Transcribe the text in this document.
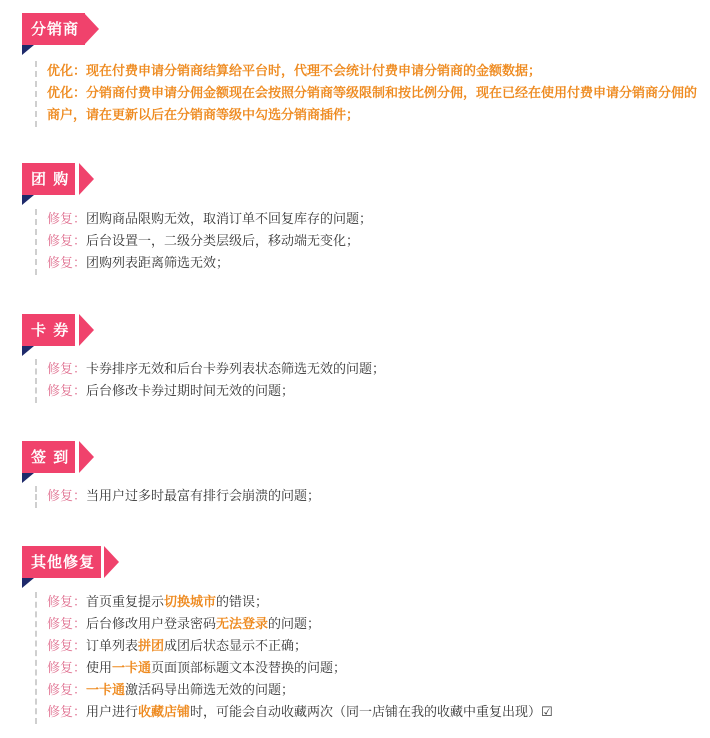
分销商
优化：现在付费申请分销商结算给平台时，代理不会统计付费申请分销商的金额数据；
优化：分销商付费申请分佣金额现在会按照分销商等级限制和按比例分佣，现在已经在使用付费申请分销商分佣的商户，请在更新以后在分销商等级中勾选分销商插件；
团 购
修复：团购商品限购无效，取消订单不回复库存的问题；
修复：后台设置一，二级分类层级后，移动端无变化；
修复：团购列表距离筛选无效；
卡 券
修复：卡券排序无效和后台卡券列表状态筛选无效的问题；
修复：后台修改卡券过期时间无效的问题；
签 到
修复：当用户过多时最富有排行会崩溃的问题；
其他修复
修复：首页重复提示切换城市的错误；
修复：后台修改用户登录密码无法登录的问题；
修复：订单列表拼团成团后状态显示不正确；
修复：使用一卡通页面顶部标题文本没替换的问题；
修复：一卡通激活码导出筛选无效的问题；
修复：用户进行收藏店铺时，可能会自动收藏两次（同一店铺在我的收藏中重复出现）☑
